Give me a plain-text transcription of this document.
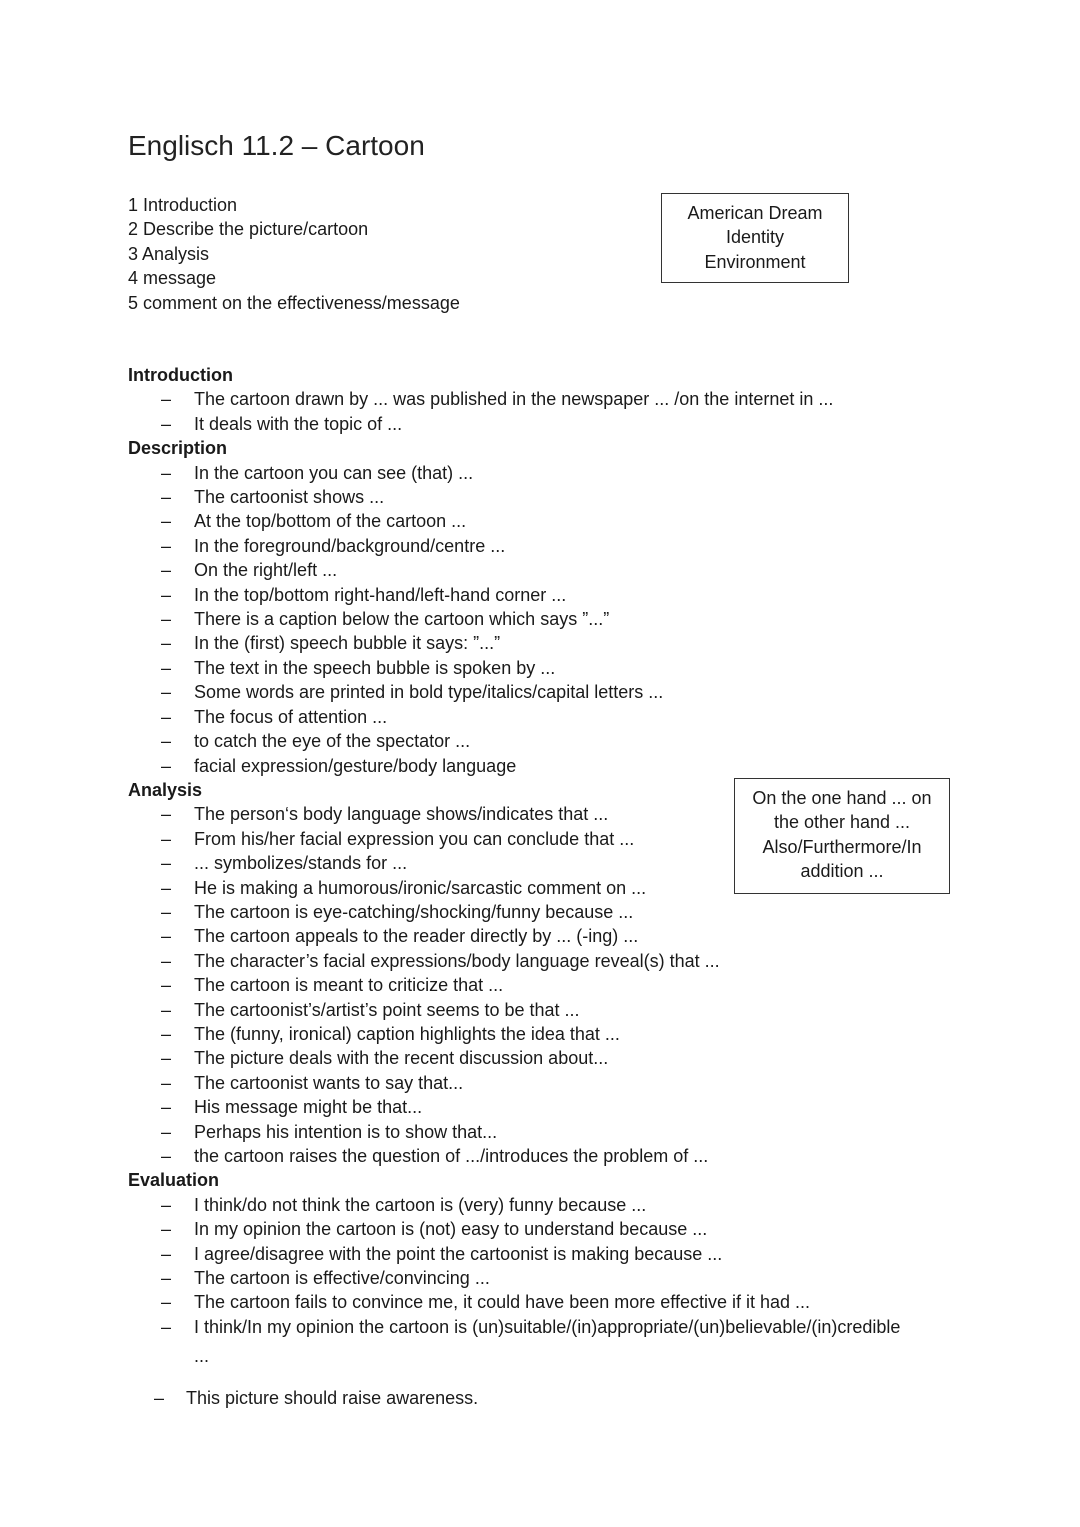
Englisch 11.2 – Cartoon
1 Introduction
2 Describe the picture/cartoon
3 Analysis
4 message
5 comment on the effectiveness/message
American Dream
Identity
Environment
Introduction
– The cartoon drawn by ... was published in the newspaper ... /on the internet in ...
– It deals with the topic of ...
Description
– In the cartoon you can see (that) ...
– The cartoonist shows ...
– At the top/bottom of the cartoon ...
– In the foreground/background/centre ...
– On the right/left ...
– In the top/bottom right-hand/left-hand corner ...
– There is a caption below the cartoon which says ”...”
– In the (first) speech bubble it says: ”...”
– The text in the speech bubble is spoken by ...
– Some words are printed in bold type/italics/capital letters ...
– The focus of attention ...
– to catch the eye of the spectator ...
– facial expression/gesture/body language
Analysis
– The person‘s body language shows/indicates that ...
– From his/her facial expression you can conclude that ...
– ... symbolizes/stands for ...
– He is making a humorous/ironic/sarcastic comment on ...
– The cartoon is eye-catching/shocking/funny because ...
– The cartoon appeals to the reader directly by ... (-ing) ...
– The character’s facial expressions/body language reveal(s) that ...
– The cartoon is meant to criticize that ...
– The cartoonist’s/artist’s point seems to be that ...
– The (funny, ironical) caption highlights the idea that ...
– The picture deals with the recent discussion about...
– The cartoonist wants to say that...
– His message might be that...
– Perhaps his intention is to show that...
– the cartoon raises the question of .../introduces the problem of ...
Evaluation
– I think/do not think the cartoon is (very) funny because ...
– In my opinion the cartoon is (not) easy to understand because ...
– I agree/disagree with the point the cartoonist is making because ...
– The cartoon is effective/convincing ...
– The cartoon fails to convince me, it could have been more effective if it had ...
– I think/In my opinion the cartoon is (un)suitable/(in)appropriate/(un)believable/(in)credible
...
On the one hand ... on
the other hand ...
Also/Furthermore/In
addition ...
– This picture should raise awareness.
